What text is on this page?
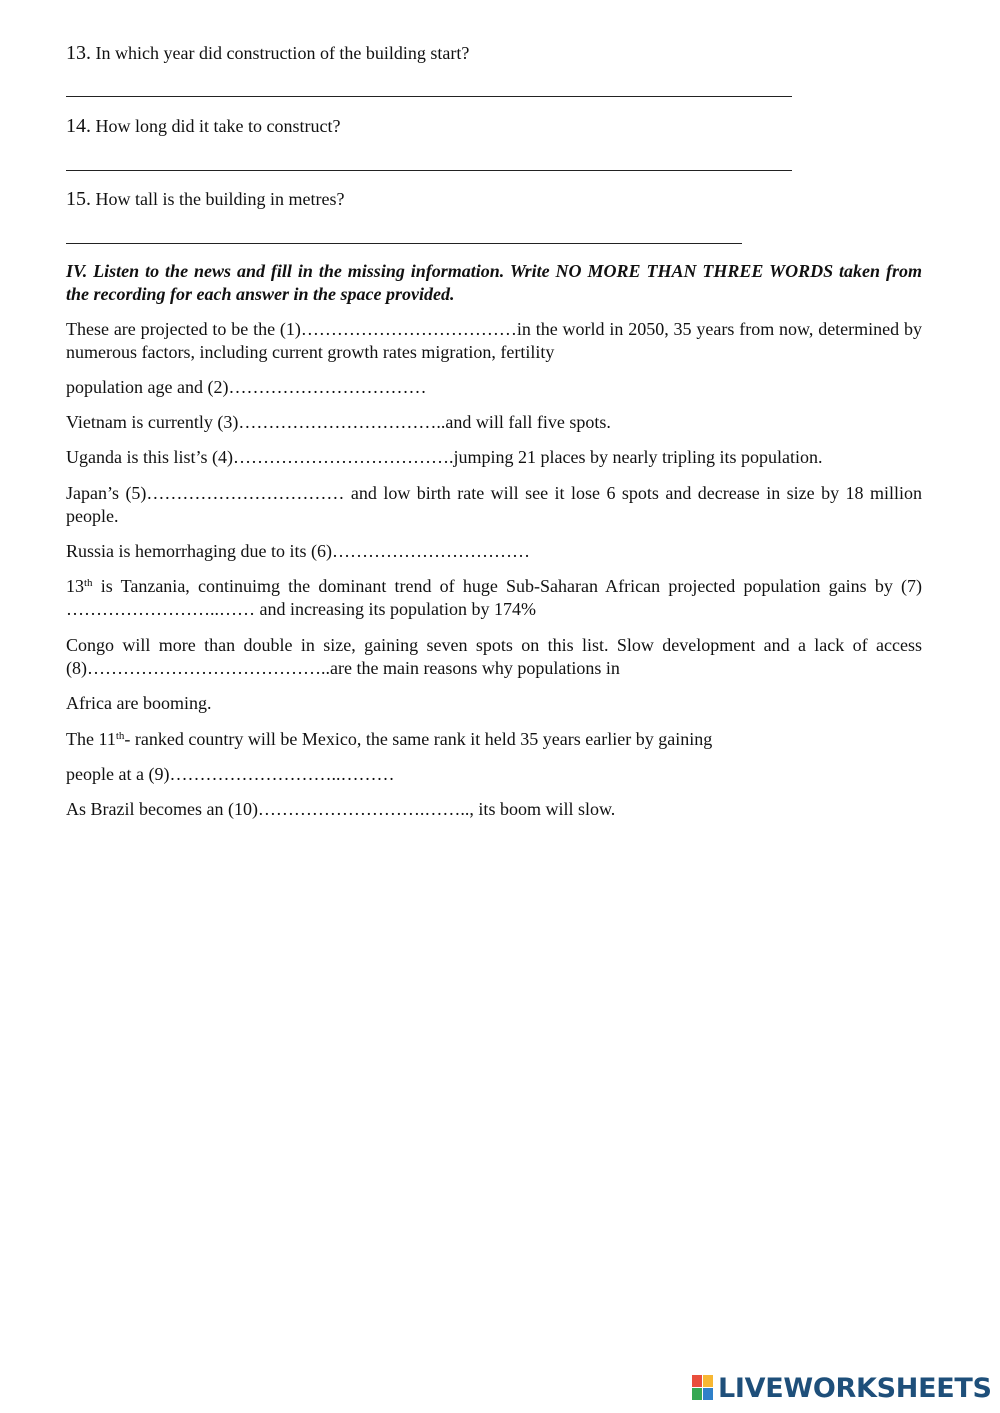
13. In which year did construction of the building start?
14. How long did it take to construct?
15. How tall is the building in metres?
IV. Listen to the news and fill in the missing information. Write NO MORE THAN THREE WORDS taken from the recording for each answer in the space provided.
These are projected to be the (1)………………………………in the world in 2050, 35 years from now, determined by numerous factors, including current growth rates migration, fertility
population age and (2)……………………………
Vietnam is currently (3)……………………………..and will fall five spots.
Uganda is this list’s (4)……………………………….jumping 21 places by nearly tripling its population.
Japan’s (5)…………………………… and low birth rate will see it lose 6 spots and decrease in size by 18 million people.
Russia is hemorrhaging due to its (6)……………………………
13th is Tanzania, continuimg the dominant trend of huge Sub-Saharan African projected population gains by (7) ……………………..…… and increasing its population by 174%
Congo will more than double in size, gaining seven spots on this list. Slow development and a lack of access (8)…………………………………..are the main reasons why populations in
Africa are booming.
The 11th- ranked country will be Mexico, the same rank it held 35 years earlier by gaining
people at a (9)………………………..………
As Brazil becomes an (10)……………………….…….., its boom will slow.
LIVEWORKSHEETS
